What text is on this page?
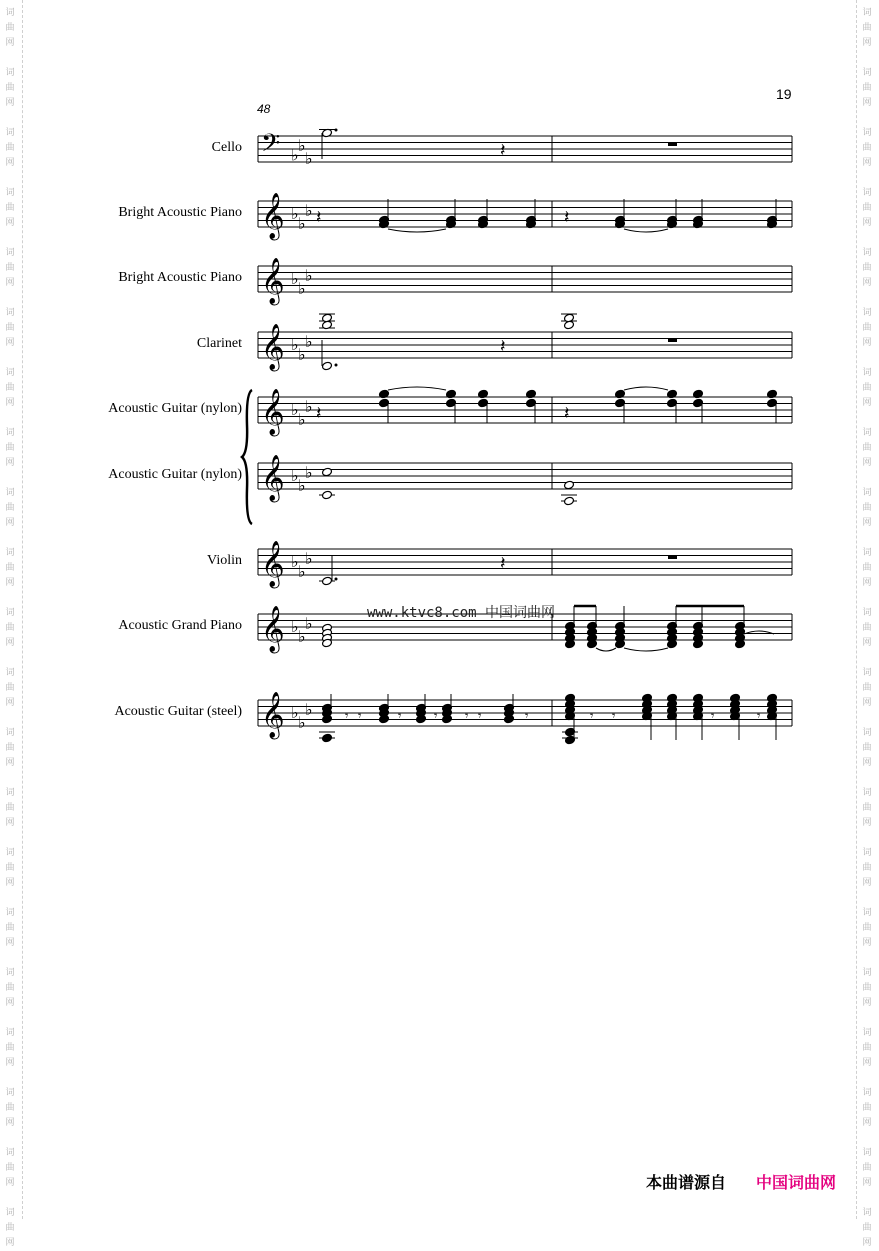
词
曲
网
词
曲
网
词
曲
网
词
曲
网
词
曲
网
词
曲
网
词
曲
网
词
曲
网
词
曲
网
词
曲
网
词
曲
网
词
曲
网
词
曲
网
词
曲
网
词
曲
网
词
曲
网
词
曲
网
词
曲
网
词
曲
网
词
曲
网
词
曲
网
词
曲
网
词
曲
网
词
曲
网
词
曲
网
词
曲
网
词
曲
网
词
曲
网
词
曲
网
词
曲
网
词
曲
网
词
曲
网
词
曲
网
词
曲
网
词
曲
网
词
曲
网
词
曲
网
词
曲
网
词
曲
网
词
曲
网
词
曲
网
词
曲
网
19
48
Cello
Bright Acoustic Piano
Bright Acoustic Piano
Clarinet
Acoustic Guitar (nylon)
Acoustic Guitar (nylon)
Violin
Acoustic Grand Piano
Acoustic Guitar (steel)
𝄢 ♭
♭
♭
𝄞 ♭
♭
♭
𝄞 ♭
♭
♭
𝄞 ♭
♭
♭
𝄞 ♭
♭
♭
𝄞 ♭
♭
♭
𝄞 ♭
♭
♭
𝄞 ♭
♭
♭
𝄞 ♭
♭
♭
𝄽
𝄽	𝄽
𝄽
𝄽	𝄽
𝄽
𝄾 𝄾	𝄾	𝄾 𝄾 𝄾	𝄾	𝄾 𝄾	𝄾	𝄾
www.ktvc8.com 中国词曲网
本曲谱源自 中国词曲网
